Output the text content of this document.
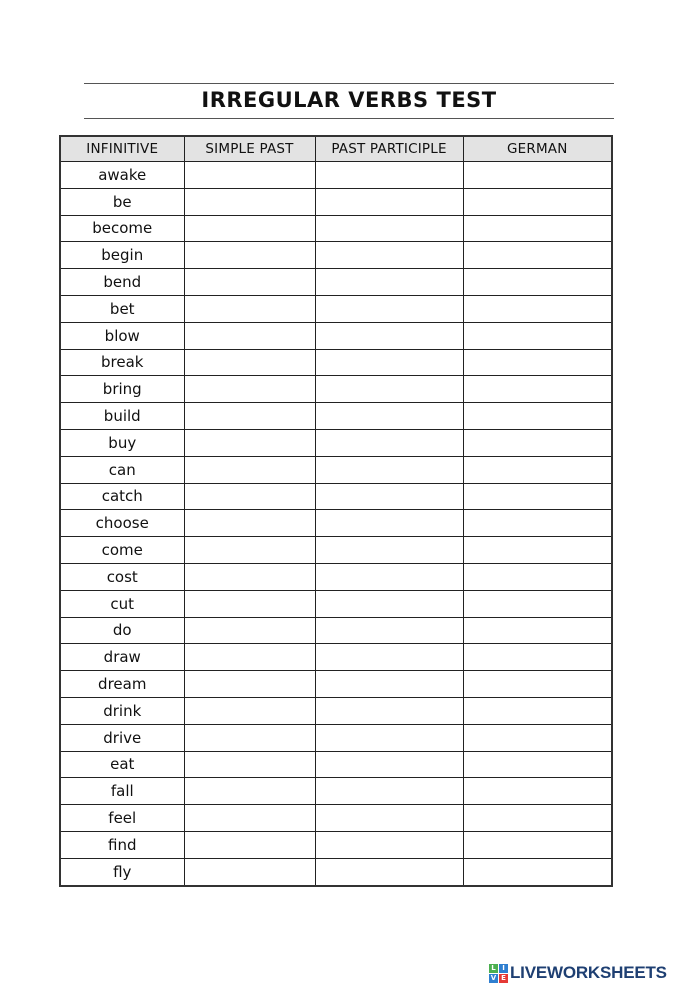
IRREGULAR VERBS TEST
INFINITIVE	SIMPLE PAST	PAST PARTICIPLE	GERMAN
awake			
be			
become			
begin			
bend			
bet			
blow			
break			
bring			
build			
buy			
can			
catch			
choose			
come			
cost			
cut			
do			
draw			
dream			
drink			
drive			
eat			
fall			
feel			
find			
fly			
L I
V E LIVEWORKSHEETS
